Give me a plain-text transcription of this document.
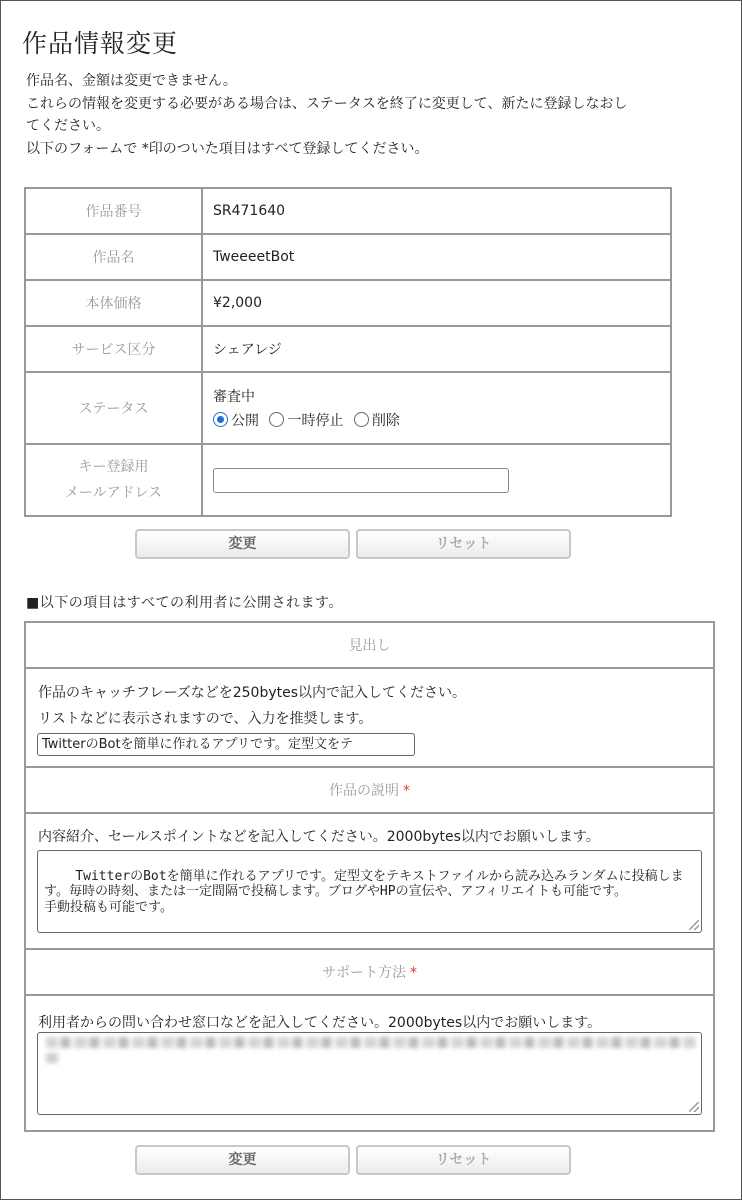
作品情報変更

作品名、金額は変更できません。

これらの情報を変更する必要がある場合は、ステータスを終了に変更して、新たに登録しなおし

てください。

以下のフォームで *印のついた項目はすべて登録してください。

作品番号	SR471640
作品名	TweeeetBot
本体価格	¥2,000
サービス区分	シェアレジ
ステータス	審査中
公開 一時停止 削除

キー登録用
メールアドレス	

変更	リセット
■以下の項目はすべての利用者に公開されます。
見出し
作品のキャッチフレーズなどを250bytes以内で記入してください。
リストなどに表示されますので、入力を推奨します。
TwitterのBotを簡単に作れるアプリです。定型文をテ
作品の説明 *
内容紹介、セールスポイントなどを記入してください。2000bytes以内でお願いします。

TwitterのBotを簡単に作れるアプリです。定型文をテキストファイルから読み込みランダムに投稿します。毎時の時刻、または一定間隔で投稿します。ブログやHPの宣伝や、アフィリエイトも可能です。
手動投稿も可能です。

サポート方法 *
利用者からの問い合わせ窓口などを記入してください。2000bytes以内でお願いします。
変更	リセット
